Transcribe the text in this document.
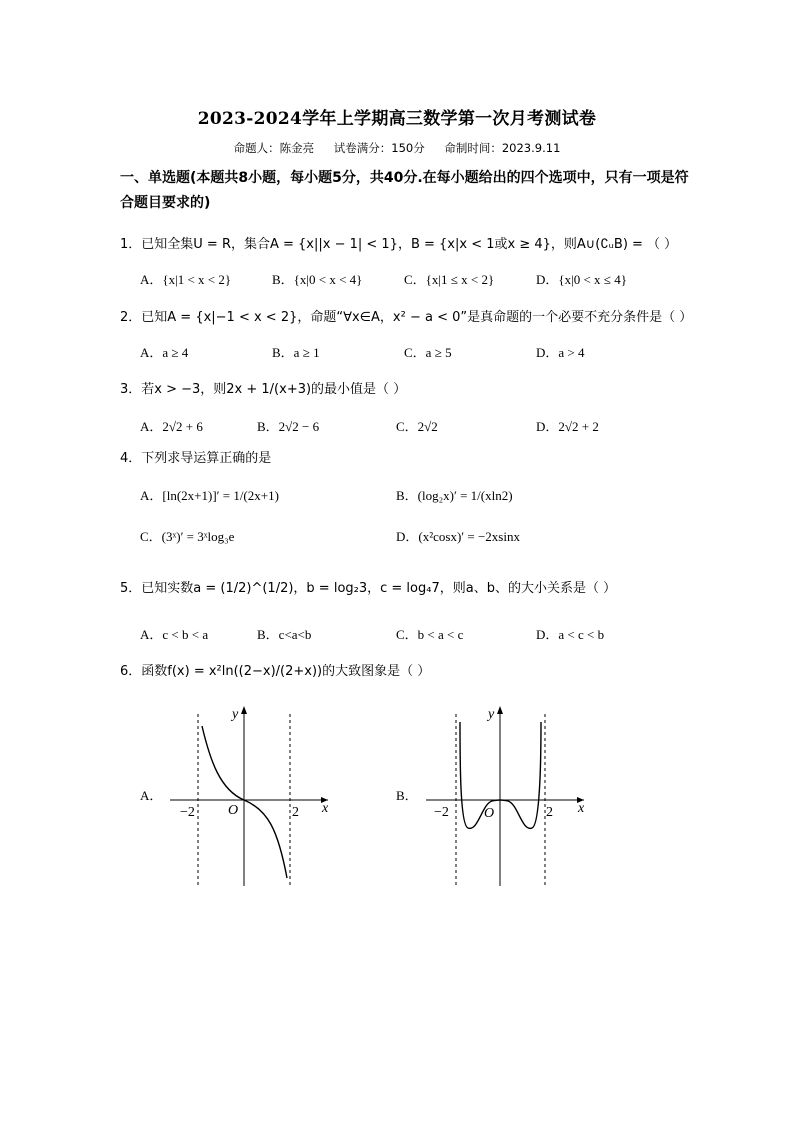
2023-2024学年上学期高三数学第一次月考测试卷
命题人：陈金亮 试卷满分：150分 命制时间：2023.9.11
一、单选题(本题共8小题，每小题5分，共40分.在每小题给出的四个选项中，只有一项是符合题目要求的)
1．已知全集U = R，集合A = {x||x − 1| < 1}，B = {x|x < 1或x ≥ 4}，则A∪(∁ᵤB) = （ ）
A．{x|1 < x < 2}	B．{x|0 < x < 4}	C．{x|1 ≤ x < 2}	D．{x|0 < x ≤ 4}
2．已知A = {x|−1 < x < 2}，命题“∀x∈A，x² − a < 0”是真命题的一个必要不充分条件是（ ）
A．a ≥ 4	B．a ≥ 1	C．a ≥ 5	D．a > 4
3．若x > −3，则2x + 1/(x+3)的最小值是（ ）
A．2√2 + 6	B．2√2 − 6	C．2√2	D．2√2 + 2
4．下列求导运算正确的是
A．[ln(2x+1)]′ = 1/(2x+1)	B．(log₂x)′ = 1/(xln2)
C．(3ˣ)′ = 3ˣlog₃e	D．(x²cosx)′ = −2xsinx
5．已知实数a = (1/2)^(1/2)，b = log₂3，c = log₄7，则a、b、的大小关系是（ ）
A．c < b < a	B．c<a<b	C．b < a < c	D．a < c < b
6．函数f(x) = x²ln((2−x)/(2+x))的大致图象是（ ）
A．	B．
y
x
O
−2	2
y
x
O
−2	2
